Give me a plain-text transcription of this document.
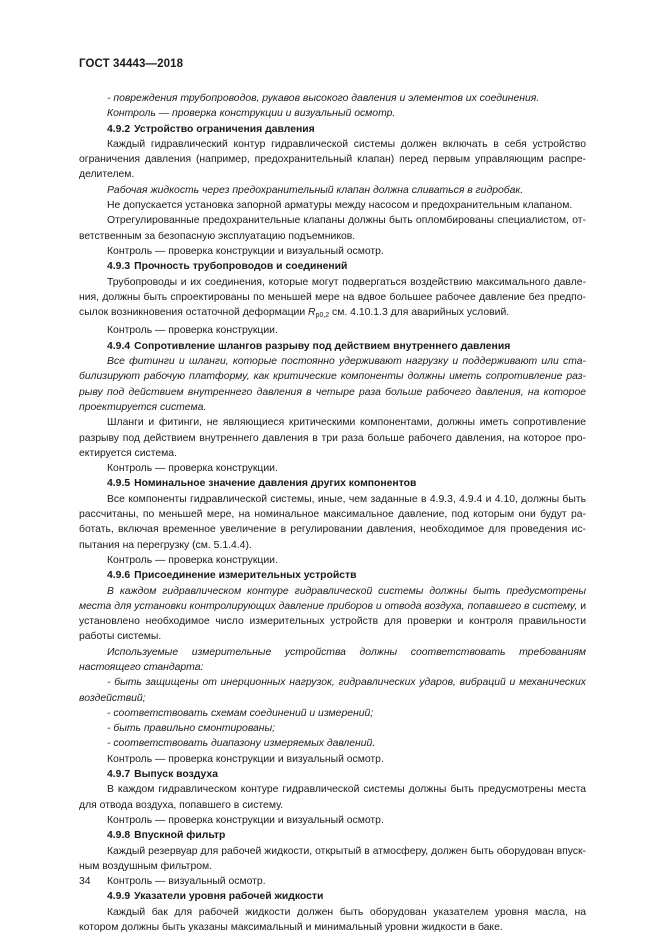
ГОСТ 34443—2018

- повреждения трубопроводов, рукавов высокого давления и элементов их соединения.

Контроль — проверка конструкции и визуальный осмотр.

4.9.2 Устройство ограничения давления

Каждый гидравлический контур гидравлической системы должен включать в себя устройство ограничения давления (например, предохранительный клапан) перед первым управляющим распре-делителем.

Рабочая жидкость через предохранительный клапан должна сливаться в гидробак.

Не допускается установка запорной арматуры между насосом и предохранительным клапаном.

Отрегулированные предохранительные клапаны должны быть опломбированы специалистом, от-ветственным за безопасную эксплуатацию подъемников.

Контроль — проверка конструкции и визуальный осмотр.

4.9.3 Прочность трубопроводов и соединений

Трубопроводы и их соединения, которые могут подвергаться воздействию максимального давле-ния, должны быть спроектированы по меньшей мере на вдвое большее рабочее давление без предпо-сылок возникновения остаточной деформации $R_{p0,2}$ см. 4.10.1.3 для аварийных условий.

Контроль — проверка конструкции.

4.9.4 Сопротивление шлангов разрыву под действием внутреннего давления

Все фитинги и шланги, которые постоянно удерживают нагрузку и поддерживают или ста-билизируют рабочую платформу, как критические компоненты должны иметь сопротивление раз-рыву под действием внутреннего давления в четыре раза больше рабочего давления, на которое проектируется система.

Шланги и фитинги, не являющиеся критическими компонентами, должны иметь сопротивление разрыву под действием внутреннего давления в три раза больше рабочего давления, на которое про-ектируется система.

Контроль — проверка конструкции.

4.9.5 Номинальное значение давления других компонентов

Все компоненты гидравлической системы, иные, чем заданные в 4.9.3, 4.9.4 и 4.10, должны быть рассчитаны, по меньшей мере, на номинальное максимальное давление, под которым они будут ра-ботать, включая временное увеличение в регулировании давления, необходимое для проведения ис-пытания на перегрузку (см. 5.1.4.4).

Контроль — проверка конструкции.

4.9.6 Присоединение измерительных устройств

В каждом гидравлическом контуре гидравлической системы должны быть предусмотрены места для установки контролирующих давление приборов и отвода воздуха, попавшего в систему, и установлено необходимое число измерительных устройств для проверки и контроля правильности работы системы.

Используемые измерительные устройства должны соответствовать требованиям настоящего стандарта:

- быть защищены от инерционных нагрузок, гидравлических ударов, вибраций и механических воздействий;

- соответствовать схемам соединений и измерений;

- быть правильно смонтированы;

- соответствовать диапазону измеряемых давлений.

Контроль — проверка конструкции и визуальный осмотр.

4.9.7 Выпуск воздуха

В каждом гидравлическом контуре гидравлической системы должны быть предусмотрены места для отвода воздуха, попавшего в систему.

Контроль — проверка конструкции и визуальный осмотр.

4.9.8 Впускной фильтр

Каждый резервуар для рабочей жидкости, открытый в атмосферу, должен быть оборудован впуск-ным воздушным фильтром.

Контроль — визуальный осмотр.

4.9.9 Указатели уровня рабочей жидкости

Каждый бак для рабочей жидкости должен быть оборудован указателем уровня масла, на котором должны быть указаны максимальный и минимальный уровни жидкости в баке.

34
